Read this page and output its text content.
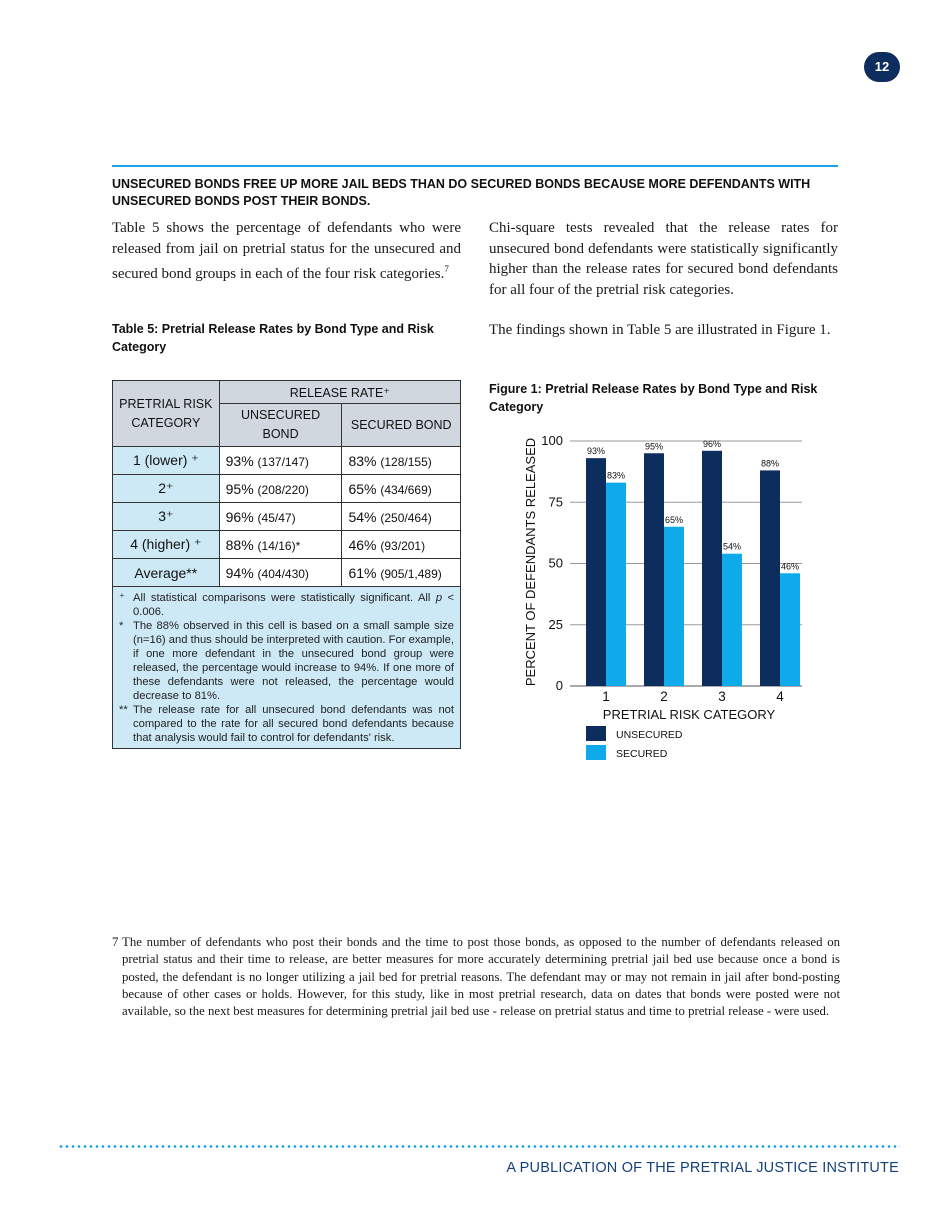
12
UNSECURED BONDS FREE UP MORE JAIL BEDS THAN DO SECURED BONDS BECAUSE MORE DEFENDANTS WITH UNSECURED BONDS POST THEIR BONDS.
Table 5 shows the percentage of defendants who were released from jail on pretrial status for the unsecured and secured bond groups in each of the four risk categories.$^7$
Chi-square tests revealed that the release rates for unsecured bond defendants were statistically significantly higher than the release rates for secured bond defendants for all four of the pretrial risk categories.
The findings shown in Table 5 are illustrated in Figure 1.
Table 5: Pretrial Release Rates by Bond Type and Risk Category
PRETRIAL RISK CATEGORY	RELEASE RATE⁺	
	UNSECURED BOND	SECURED BOND
1 (lower) ⁺	93% (137/147)	83% (128/155)
2⁺	95% (208/220)	65% (434/669)
3⁺	96% (45/47)	54% (250/464)
4 (higher) ⁺	88% (14/16)*	46% (93/201)
Average**	94% (404/430)	61% (905/1,489)

⁺ All statistical comparisons were statistically significant. All p < 0.006.

* The 88% observed in this cell is based on a small sample size (n=16) and thus should be interpreted with caution. For example, if one more defendant in the unsecured bond group were released, the percentage would increase to 94%. If one more of these defendants were not released, the percentage would decrease to 81%.

** The release rate for all unsecured bond defendants was not compared to the rate for all secured bond defendants because that analysis would fail to control for defendants' risk.

Figure 1: Pretrial Release Rates by Bond Type and Risk Category
0
25
50
75
100
93%
83%
1
95%
65%
2
96%
54%
3
88%
46%
4
PERCENT OF DEFENDANTS RELEASED
PRETRIAL RISK CATEGORY
UNSECURED
SECURED

7 The number of defendants who post their bonds and the time to post those bonds, as opposed to the number of defendants released on pretrial status and their time to release, are better measures for more accurately determining pretrial jail bed use because once a bond is posted, the defendant is no longer utilizing a jail bed for pretrial reasons. The defendant may or may not remain in jail after bond-posting because of other cases or holds. However, for this study, like in most pretrial research, data on dates that bonds were posted were not available, so the next best measures for determining pretrial jail bed use - release on pretrial status and time to pretrial release - were used.

A PUBLICATION OF THE PRETRIAL JUSTICE INSTITUTE
